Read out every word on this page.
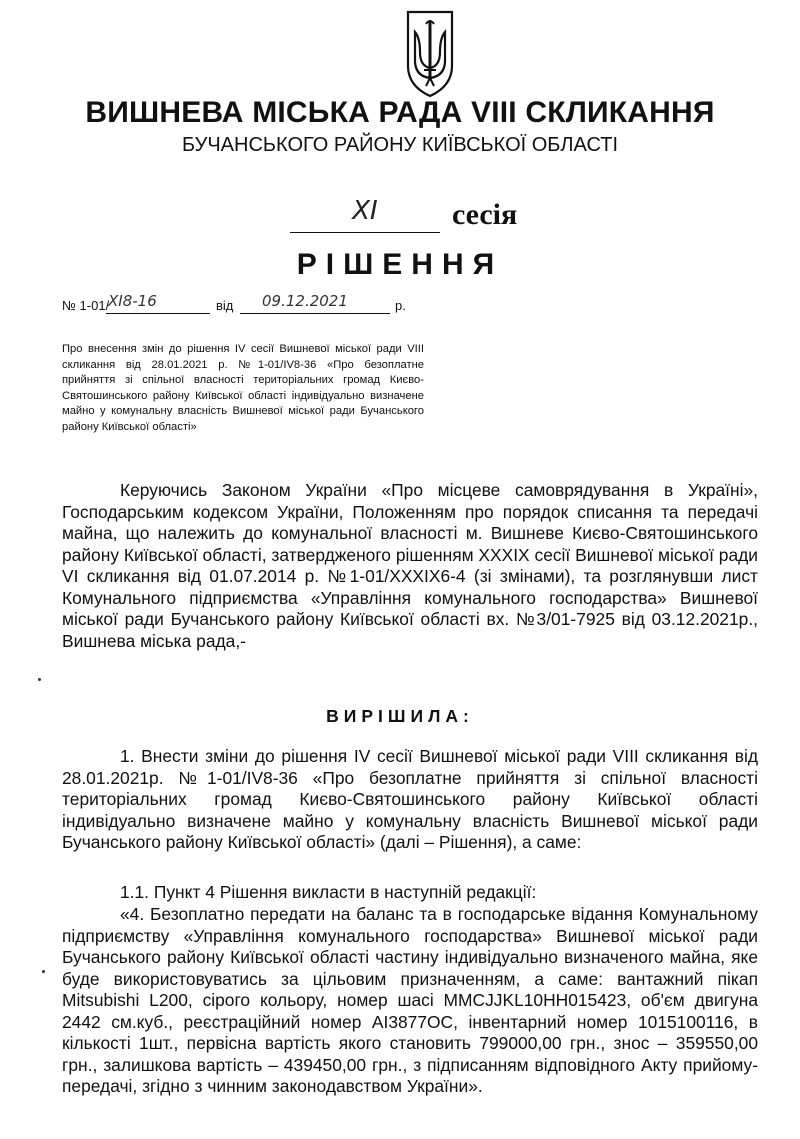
ВИШНЕВА МІСЬКА РАДА VIII СКЛИКАННЯ
БУЧАНСЬКОГО РАЙОНУ КИЇВСЬКОЇ ОБЛАСТІ
XI	сесія
РІШЕННЯ
№ 1-01/
XI8-16	від 09.12.2021	р.
Про внесення змін до рішення IV сесії Вишневої міської ради VIII скликання від 28.01.2021 р. №1-01/IV8-36 «Про безоплатне прийняття зі спільної власності територіальних громад Києво-Святошинського району Київської області індивідуально визначене майно у комунальну власність Вишневої міської ради Бучанського району Київської області»
Керуючись Законом України «Про місцеве самоврядування в Україні», Господарським кодексом України, Положенням про порядок списання та передачі майна, що належить до комунальної власності м. Вишневе Києво-Святошинського району Київської області, затвердженого рішенням XXXIX сесії Вишневої міської ради VI скликання від 01.07.2014 р. №1-01/XXXIX6-4 (зі змінами), та розглянувши лист Комунального підприємства «Управління комунального господарства» Вишневої міської ради Бучанського району Київської області вх. №3/01-7925 від 03.12.2021р., Вишнева міська рада,-
ВИРІШИЛА:
1. Внести зміни до рішення IV сесії Вишневої міської ради VIII скликання від 28.01.2021р. №1-01/IV8-36 «Про безоплатне прийняття зі спільної власності територіальних громад Києво-Святошинського району Київської області індивідуально визначене майно у комунальну власність Вишневої міської ради Бучанського району Київської області» (далі – Рішення), а саме:
1.1. Пункт 4 Рішення викласти в наступній редакції:
«4. Безоплатно передати на баланс та в господарське відання Комунальному підприємству «Управління комунального господарства» Вишневої міської ради Бучанського району Київської області частину індивідуально визначеного майна, яке буде використовуватись за цільовим призначенням, а саме: вантажний пікап Mitsubishi L200, сірого кольору, номер шасі MMCJJKL10HH015423, об'єм двигуна 2442 см.куб., реєстраційний номер AI3877OC, інвентарний номер 1015100116, в кількості 1шт., первісна вартість якого становить 799000,00 грн., знос – 359550,00 грн., залишкова вартість – 439450,00 грн., з підписанням відповідного Акту прийому-передачі, згідно з чинним законодавством України».
